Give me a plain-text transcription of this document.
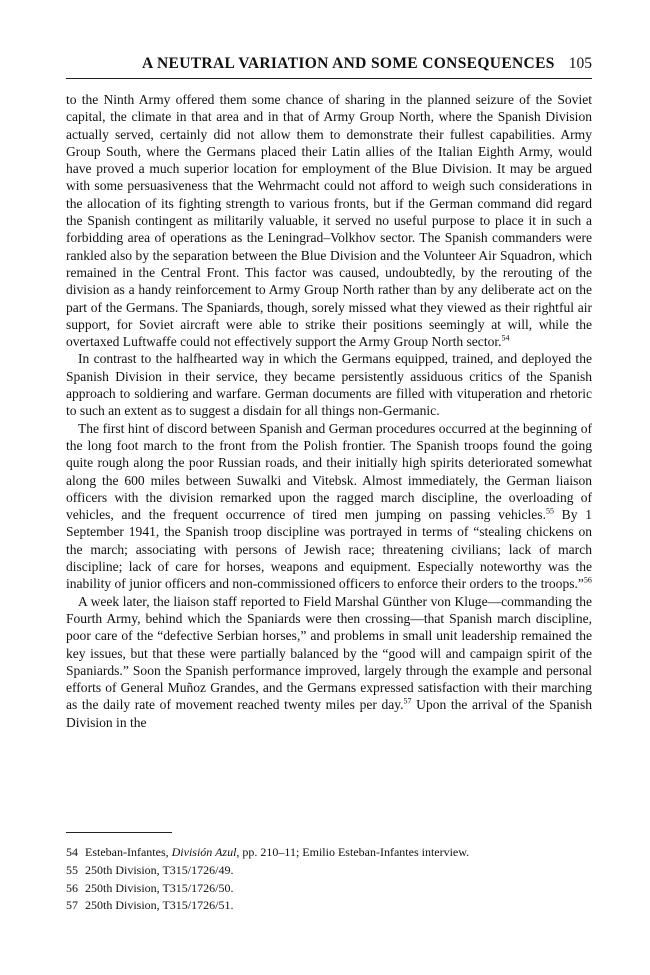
A NEUTRAL VARIATION AND SOME CONSEQUENCES 105

to the Ninth Army offered them some chance of sharing in the planned seizure of the Soviet capital, the climate in that area and in that of Army Group North, where the Spanish Division actually served, certainly did not allow them to demonstrate their fullest capabilities. Army Group South, where the Germans placed their Latin allies of the Italian Eighth Army, would have proved a much superior location for employment of the Blue Division. It may be argued with some persuasiveness that the Wehrmacht could not afford to weigh such considerations in the allocation of its fighting strength to various fronts, but if the German command did regard the Spanish contingent as militarily valuable, it served no useful purpose to place it in such a forbidding area of operations as the Leningrad–Volkhov sector. The Spanish commanders were rankled also by the separation between the Blue Division and the Volunteer Air Squadron, which remained in the Central Front. This factor was caused, undoubtedly, by the rerouting of the division as a handy reinforcement to Army Group North rather than by any deliberate act on the part of the Germans. The Spaniards, though, sorely missed what they viewed as their rightful air support, for Soviet aircraft were able to strike their positions seemingly at will, while the overtaxed Luftwaffe could not effectively support the Army Group North sector.$^{54}$

In contrast to the halfhearted way in which the Germans equipped, trained, and deployed the Spanish Division in their service, they became persistently assiduous critics of the Spanish approach to soldiering and warfare. German documents are filled with vituperation and rhetoric to such an extent as to suggest a disdain for all things non-Germanic.

The first hint of discord between Spanish and German procedures occurred at the beginning of the long foot march to the front from the Polish frontier. The Spanish troops found the going quite rough along the poor Russian roads, and their initially high spirits deteriorated somewhat along the 600 miles between Suwalki and Vitebsk. Almost immediately, the German liaison officers with the division remarked upon the ragged march discipline, the overloading of vehicles, and the frequent occurrence of tired men jumping on passing vehicles.$^{55}$ By 1 September 1941, the Spanish troop discipline was portrayed in terms of “stealing chickens on the march; associating with persons of Jewish race; threatening civilians; lack of march discipline; lack of care for horses, weapons and equipment. Especially noteworthy was the inability of junior officers and non-commissioned officers to enforce their orders to the troops.”$^{56}$

A week later, the liaison staff reported to Field Marshal Günther von Kluge—commanding the Fourth Army, behind which the Spaniards were then crossing—that Spanish march discipline, poor care of the “defective Serbian horses,” and problems in small unit leadership remained the key issues, but that these were partially balanced by the “good will and campaign spirit of the Spaniards.” Soon the Spanish performance improved, largely through the example and personal efforts of General Muñoz Grandes, and the Germans expressed satisfaction with their marching as the daily rate of movement reached twenty miles per day.$^{57}$ Upon the arrival of the Spanish Division in the

54 Esteban-Infantes, División Azul, pp. 210–11; Emilio Esteban-Infantes interview.
55 250th Division, T315/1726/49.
56 250th Division, T315/1726/50.
57 250th Division, T315/1726/51.
